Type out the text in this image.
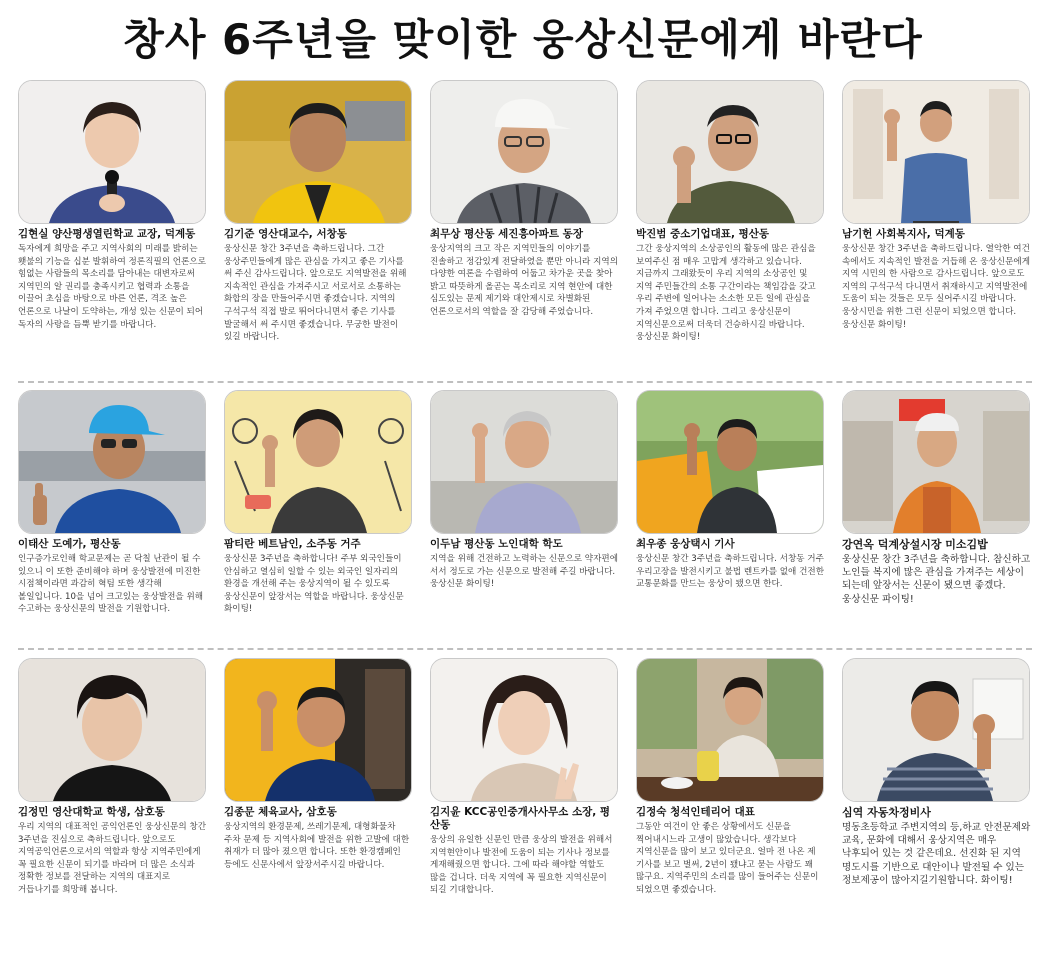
창사 6주년을 맞이한 웅상신문에게 바란다
김현실 양산평생열린학교 교장, 덕계동
독자에게 희망을 주고 지역사회의 미래를 밝히는 횃불의 기능을 십분 발휘하여 정론직필의 언론으로 힘없는 사람들의 목소리를 담아내는 대변자로써 지역민의 알 권리를 충족시키고 협력과 소통을 이끌어 초심을 바탕으로 바른 언론, 격조 높은 언론으로 나날이 도약하는, 개성 있는 신문이 되어 독자의 사랑을 듬뿍 받기를 바랍니다.
김기준 영산대교수, 서창동
웅상신문 창간 3주년을 축하드립니다. 그간 웅상주민들에게 많은 관심을 가지고 좋은 기사를 써 주신 감사드립니다. 앞으로도 지역발전을 위해 지속적인 관심을 가져주시고 서로서로 소통하는 화합의 장을 만들어주시면 좋겠습니다. 지역의 구석구석 직접 발로 뛰어다니면서 좋은 기사를 발굴해서 써 주시면 좋겠습니다. 무궁한 발전이 있길 바랍니다.
최무상 평산동 세진흥아파트 동장
웅상지역의 크고 작은 지역민들의 이야기를 진솔하고 정감있게 전달하였을 뿐만 아니라 지역의 다양한 여론을 수렴하여 어둡고 차가운 곳을 찾아 밝고 따뜻하게 올곧는 목소리로 지역 현안에 대한 심도있는 문제 제기와 대안제시로 차별화된 언론으로서의 역할을 잘 감당해 주었습니다.
박진범 중소기업대표, 평산동
그간 웅상지역의 소상공인의 활동에 많은 관심을 보여주신 점 매우 고맙게 생각하고 있습니다. 지금까지 그래왔듯이 우리 지역의 소상공인 및 지역 주민들간의 소통 구간이라는 책임감을 갖고 우리 주변에 일어나는 소소한 모든 일에 관심을 가져 주었으면 합니다. 그리고 웅상신문이 지역신문으로써 더욱더 건승하시길 바랍니다. 웅상신문 화이팅!
남기헌 사회복지사, 덕계동
웅상신문 창간 3주년을 축하드립니다. 열악한 여건 속에서도 지속적인 발전을 거듭해 온 웅상신문에게 지역 시민의 한 사람으로 감사드립니다. 앞으로도 지역의 구석구석 다니면서 취재하시고 지역발전에 도움이 되는 것들은 모두 실어주시길 바랍니다. 웅상시민을 위한 그런 신문이 되었으면 합니다. 웅상신문 화이팅!
이태산 도예가, 평산동
인구증가로인해 학교문제는 곧 닥칠 난관이 될 수 있으니 이 또한 준비해야 하며 웅상발전에 미진한 시점책이라면 과감히 혁팀 또한 생각해 볼일입니다. 10을 넘어 크고있는 웅상발전을 위해 수고하는 웅상신문의 발전을 기원합니다.
팜티란 베트남인, 소주동 거주
웅상신문 3주년을 축하합니다! 주부 외국인들이 안심하고 열심히 일할 수 있는 외국인 일자리의 환경을 개선해 주는 웅상지역이 될 수 있도록 웅상신문이 앞장서는 역할을 바랍니다. 웅상신문 화이팅!
이두남 평산동 노인대학 학도
지역을 위해 건전하고 노력하는 신문으로 약자편에 서서 정도로 가는 신문으로 발전해 주길 바랍니다. 웅상신문 화이팅!
최우종 웅상택시 기사
웅상신문 창간 3주년을 축하드립니다. 서창동 거주 우리고장을 발전시키고 불법 렌트카를 없애 건전한 교통문화를 만드는 웅상이 됐으면 한다.
강연옥 덕계상설시장 미소김밥
웅상신문 창간 3주년을 축하합니다. 참신하고 노인들 복지에 많은 관심을 가져주는 세상이 되는데 앞장서는 신문이 됐으면 좋겠다. 웅상신문 파이팅!
김정민 영산대학교 학생, 삼호동
우리 지역의 대표적인 공익언론인 웅상신문의 창간 3주년을 진심으로 축하드립니다. 앞으로도 지역공익언론으로서의 역할과 항상 지역주민에게 꼭 필요한 신문이 되기를 바라며 더 많은 소식과 정확한 정보를 전달하는 지역의 대표지로 거듭나기를 희망해 봅니다.
김종문 체육교사, 삼호동
웅상지역의 환경문제, 쓰레기문제, 대형화물차 주차 문제 등 지역사회에 발전을 위한 고발에 대한 취재가 더 많아 졌으면 합니다. 또한 환경캠페인 등에도 신문사에서 앞장서주시길 바랍니다.
김지윤 KCC공인중개사사무소 소장, 평산동
웅상의 유일한 신문인 만큼 웅상의 발전을 위해서 지역현안이나 발전에 도움이 되는 기사나 정보를 게재해줬으면 합니다. 그에 따라 해야할 역할도 많을 겁니다. 더욱 지역에 꼭 필요한 지역신문이 되길 기대합니다.
김정숙 청석인테리어 대표
그동안 여건이 안 좋은 상황에서도 신문을 찍어내시느라 고생이 많았습니다. 생각보다 지역신문을 많이 보고 있더군요. 얼마 전 나온 제 기사를 보고 벌써, 2년이 됐냐고 묻는 사람도 꽤 많구요. 지역주민의 소리를 많이 들어주는 신문이 되었으면 좋겠습니다.
심역 자동차정비사
명동초등학교 주변지역의 등,하교 안전문제와 교육, 문화에 대해서 웅상지역은 매우 낙후되어 있는 것 같은데요. 선진화 된 지역 명도시를 기반으로 대안이나 발전될 수 있는 정보제공이 많아지길기원합니다. 화이팅!
